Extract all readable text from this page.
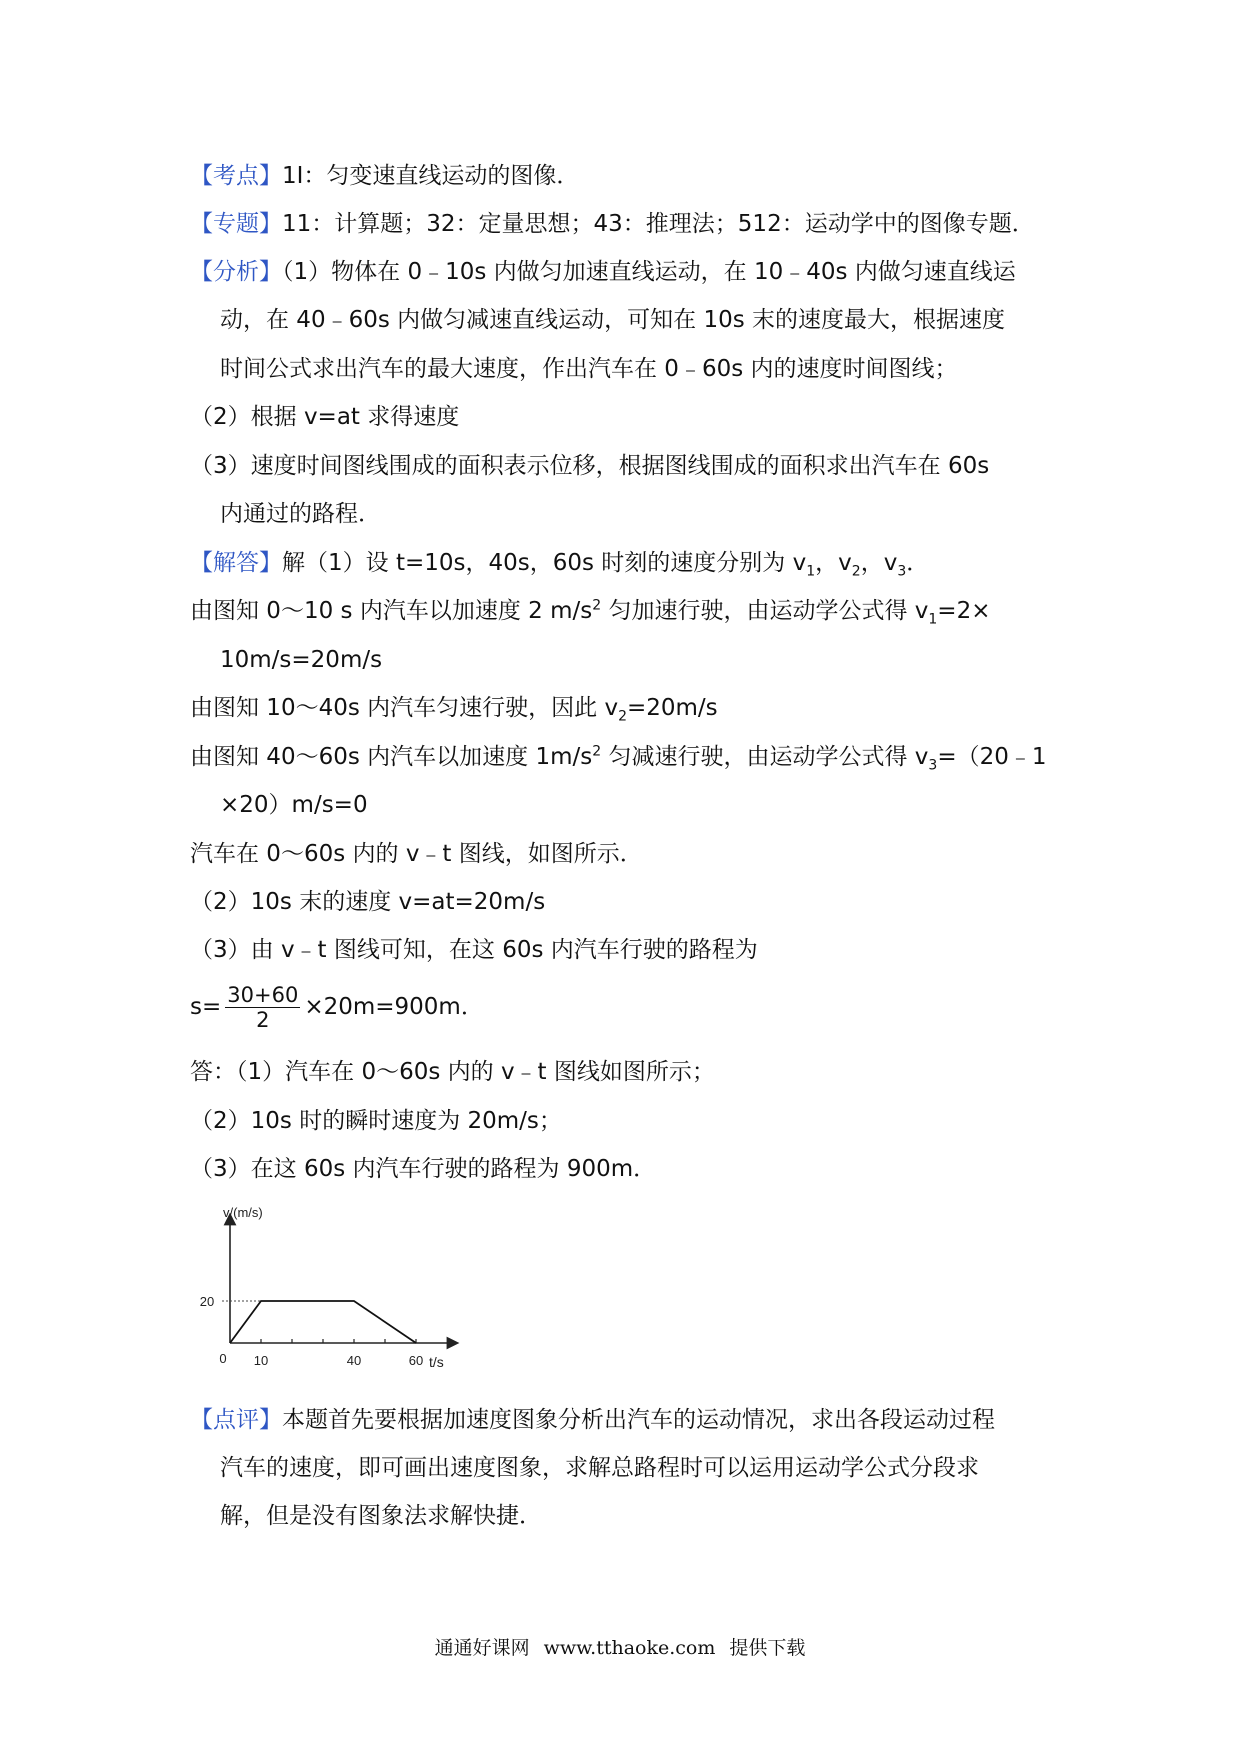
【考点】1I：匀变速直线运动的图像．
【专题】11：计算题；32：定量思想；43：推理法；512：运动学中的图像专题．
【分析】（1）物体在 0﹣10s 内做匀加速直线运动，在 10﹣40s 内做匀速直线运
动，在 40﹣60s 内做匀减速直线运动，可知在 10s 末的速度最大，根据速度
时间公式求出汽车的最大速度，作出汽车在 0﹣60s 内的速度时间图线；
（2）根据 v=at 求得速度
（3）速度时间图线围成的面积表示位移，根据图线围成的面积求出汽车在 60s
内通过的路程．
【解答】解（1）设 t=10s，40s，60s 时刻的速度分别为 $v_1$，$v_2$，$v_3$．
由图知 0～10 s 内汽车以加速度 2 $m/s^2$ 匀加速行驶，由运动学公式得 $v_1=2\times$
10m/s=20m/s
由图知 10～40s 内汽车匀速行驶，因此 $v_2=20m/s$
由图知 40～60s 内汽车以加速度 $1m/s^2$ 匀减速行驶，由运动学公式得 $v_3=(20﹣1$
×20）m/s=0
汽车在 0～60s 内的 v﹣t 图线，如图所示．
（2）10s 末的速度 v=at=20m/s
（3）由 v﹣t 图线可知，在这 60s 内汽车行驶的路程为
$s= \frac{30+60}{2} \times 20m=900m$．
答：（1）汽车在 0～60s 内的 v﹣t 图线如图所示；
（2）10s 时的瞬时速度为 20m/s；
（3）在这 60s 内汽车行驶的路程为 900m．
v/(m/s)
t/s
0
20
10	40	60
【点评】本题首先要根据加速度图象分析出汽车的运动情况，求出各段运动过程
汽车的速度，即可画出速度图象，求解总路程时可以运用运动学公式分段求
解，但是没有图象法求解快捷．
通通好课网 www.tthaoke.com 提供下载
